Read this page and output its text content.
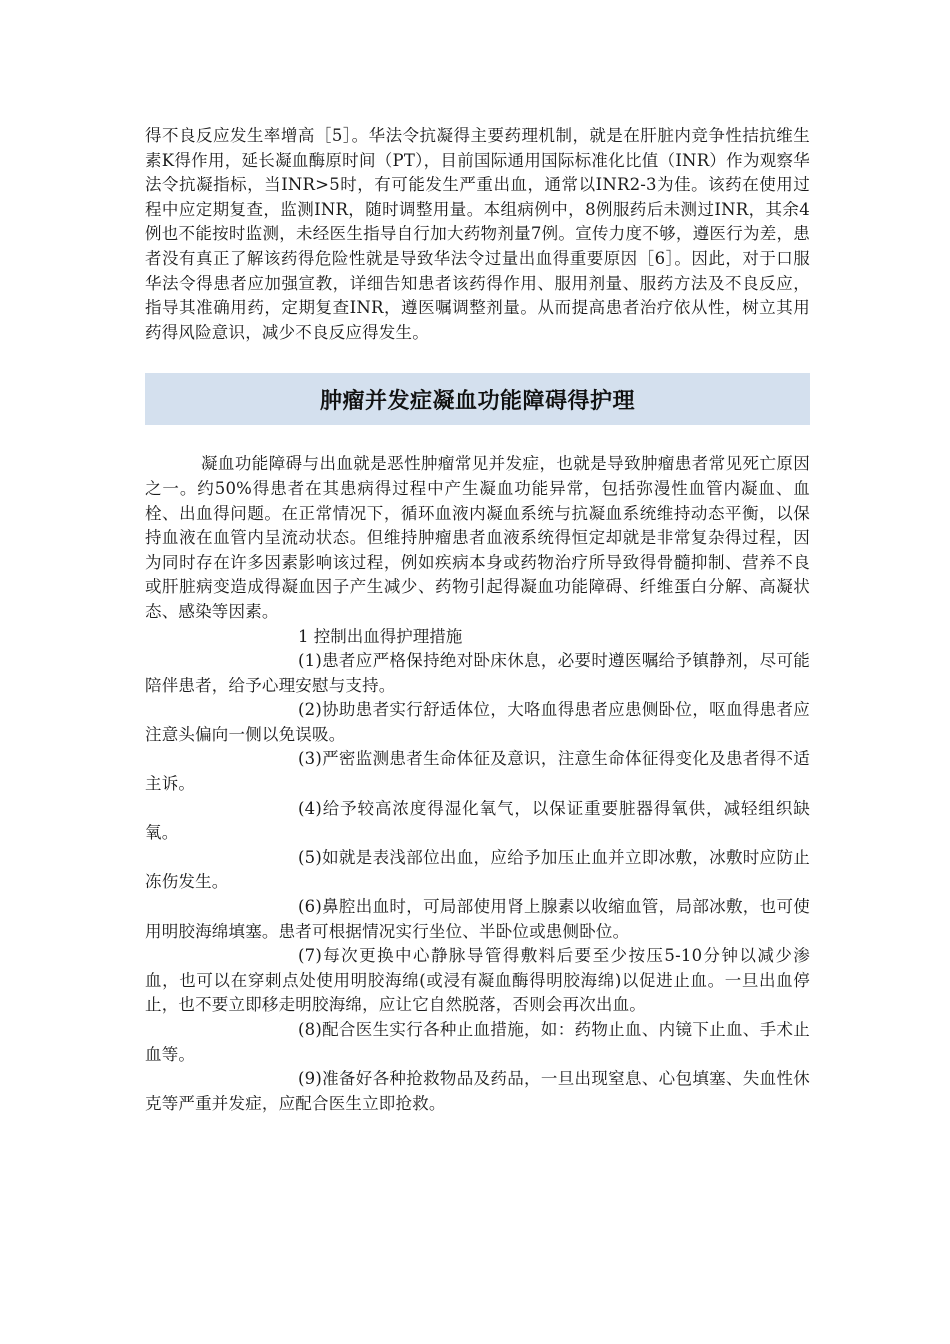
得不良反应发生率增高［5］。华法令抗凝得主要药理机制，就是在肝脏内竞争性拮抗维生素K得作用，延长凝血酶原时间（PT），目前国际通用国际标准化比值（INR）作为观察华法令抗凝指标，当INR>5时，有可能发生严重出血，通常以INR2-3为佳。该药在使用过程中应定期复查，监测INR，随时调整用量。本组病例中，8例服药后未测过INR，其余4例也不能按时监测，未经医生指导自行加大药物剂量7例。宣传力度不够，遵医行为差，患者没有真正了解该药得危险性就是导致华法令过量出血得重要原因［6］。因此，对于口服华法令得患者应加强宣教，详细告知患者该药得作用、服用剂量、服药方法及不良反应，指导其准确用药，定期复查INR，遵医嘱调整剂量。从而提高患者治疗依从性，树立其用药得风险意识，减少不良反应得发生。

肿瘤并发症凝血功能障碍得护理

凝血功能障碍与出血就是恶性肿瘤常见并发症，也就是导致肿瘤患者常见死亡原因之一。约50%得患者在其患病得过程中产生凝血功能异常，包括弥漫性血管内凝血、血栓、出血得问题。在正常情况下，循环血液内凝血系统与抗凝血系统维持动态平衡，以保持血液在血管内呈流动状态。但维持肿瘤患者血液系统得恒定却就是非常复杂得过程，因为同时存在许多因素影响该过程，例如疾病本身或药物治疗所导致得骨髓抑制、营养不良或肝脏病变造成得凝血因子产生减少、药物引起得凝血功能障碍、纤维蛋白分解、高凝状态、感染等因素。

1 控制出血得护理措施

(1)患者应严格保持绝对卧床休息，必要时遵医嘱给予镇静剂，尽可能陪伴患者，给予心理安慰与支持。

(2)协助患者实行舒适体位，大咯血得患者应患侧卧位，呕血得患者应注意头偏向一侧以免误吸。

(3)严密监测患者生命体征及意识，注意生命体征得变化及患者得不适主诉。

(4)给予较高浓度得湿化氧气，以保证重要脏器得氧供，减轻组织缺氧。

(5)如就是表浅部位出血，应给予加压止血并立即冰敷，冰敷时应防止冻伤发生。

(6)鼻腔出血时，可局部使用肾上腺素以收缩血管，局部冰敷，也可使用明胶海绵填塞。患者可根据情况实行坐位、半卧位或患侧卧位。

(7)每次更换中心静脉导管得敷料后要至少按压5-10分钟以减少渗血，也可以在穿刺点处使用明胶海绵(或浸有凝血酶得明胶海绵)以促进止血。一旦出血停止，也不要立即移走明胶海绵，应让它自然脱落，否则会再次出血。

(8)配合医生实行各种止血措施，如：药物止血、内镜下止血、手术止血等。

(9)准备好各种抢救物品及药品，一旦出现窒息、心包填塞、失血性休克等严重并发症，应配合医生立即抢救。
